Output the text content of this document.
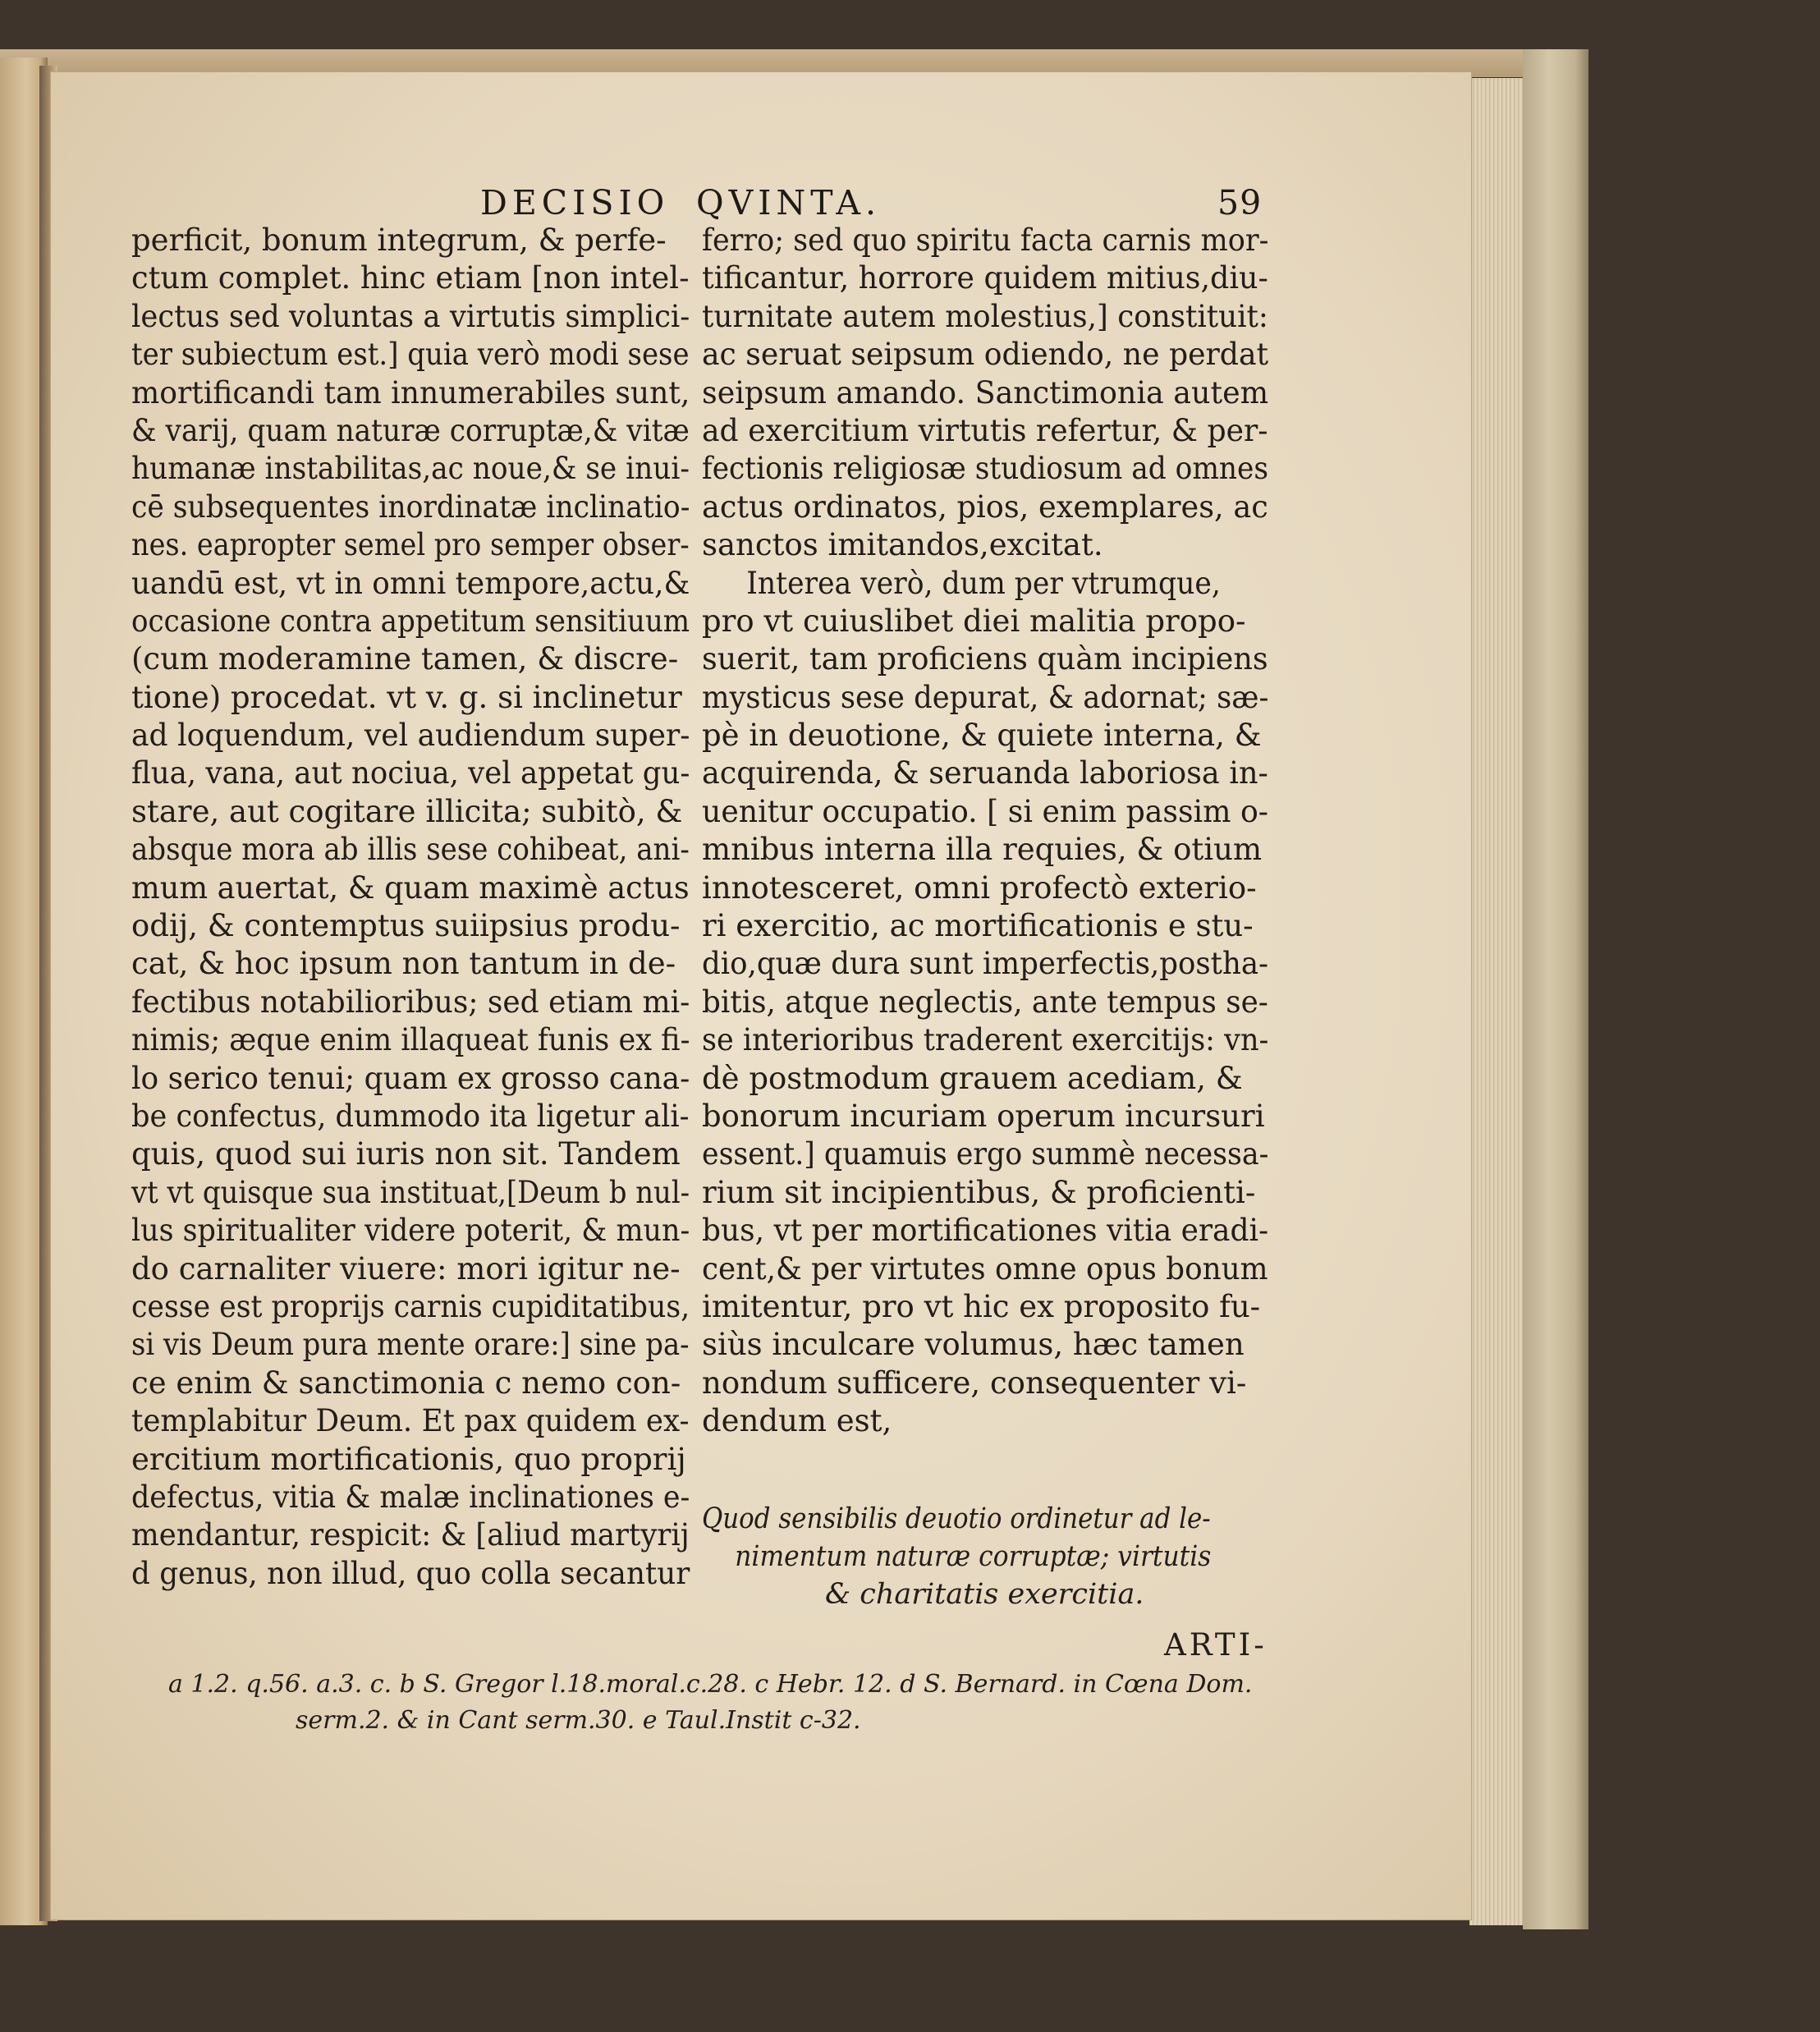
DECISIO QVINTA.	59
perficit, bonum integrum, & perfe-
ctum complet. hinc etiam [non intel-
lectus sed voluntas a virtutis simplici-
ter subiectum est.] quia verò modi sese
mortificandi tam innumerabiles sunt,
& varij, quam naturæ corruptæ,& vitæ
humanæ instabilitas,ac noue,& se inui-
cē subsequentes inordinatæ inclinatio-
nes. eapropter semel pro semper obser-
uandū est, vt in omni tempore,actu,&
occasione contra appetitum sensitiuum
(cum moderamine tamen, & discre-
tione) procedat. vt v. g. si inclinetur
ad loquendum, vel audiendum super-
flua, vana, aut nociua, vel appetat gu-
stare, aut cogitare illicita; subitò, &
absque mora ab illis sese cohibeat, ani-
mum auertat, & quam maximè actus
odij, & contemptus suiipsius produ-
cat, & hoc ipsum non tantum in de-
fectibus notabilioribus; sed etiam mi-
nimis; æque enim illaqueat funis ex fi-
lo serico tenui; quam ex grosso cana-
be confectus, dummodo ita ligetur ali-
quis, quod sui iuris non sit. Tandem
vt vt quisque sua instituat,[Deum b nul-
lus spiritualiter videre poterit, & mun-
do carnaliter viuere: mori igitur ne-
cesse est proprijs carnis cupiditatibus,
si vis Deum pura mente orare:] sine pa-
ce enim & sanctimonia c nemo con-
templabitur Deum. Et pax quidem ex-
ercitium mortificationis, quo proprij
defectus, vitia & malæ inclinationes e-
mendantur, respicit: & [aliud martyrij
d genus, non illud, quo colla secantur
ferro; sed quo spiritu facta carnis mor-
tificantur, horrore quidem mitius,diu-
turnitate autem molestius,] constituit:
ac seruat seipsum odiendo, ne perdat
seipsum amando. Sanctimonia autem
ad exercitium virtutis refertur, & per-
fectionis religiosæ studiosum ad omnes
actus ordinatos, pios, exemplares, ac
sanctos imitandos,excitat.
Interea verò, dum per vtrumque,
pro vt cuiuslibet diei malitia propo-
suerit, tam proficiens quàm incipiens
mysticus sese depurat, & adornat; sæ-
pè in deuotione, & quiete interna, &
acquirenda, & seruanda laboriosa in-
uenitur occupatio. [ si enim passim o-
mnibus interna illa requies, & otium
innotesceret, omni profectò exterio-
ri exercitio, ac mortificationis e stu-
dio,quæ dura sunt imperfectis,postha-
bitis, atque neglectis, ante tempus se-
se interioribus traderent exercitijs: vn-
dè postmodum grauem acediam, &
bonorum incuriam operum incursuri
essent.] quamuis ergo summè necessa-
rium sit incipientibus, & proficienti-
bus, vt per mortificationes vitia eradi-
cent,& per virtutes omne opus bonum
imitentur, pro vt hic ex proposito fu-
siùs inculcare volumus, hæc tamen
nondum sufficere, consequenter vi-
dendum est,
Quod sensibilis deuotio ordinetur ad le-
nimentum naturæ corruptæ; virtutis
& charitatis exercitia.
ARTI-
a 1.2. q.56. a.3. c. b S. Gregor l.18.moral.c.28. c Hebr. 12. d S. Bernard. in Cœna Dom.
serm.2. & in Cant serm.30. e Taul.Instit c-32.
